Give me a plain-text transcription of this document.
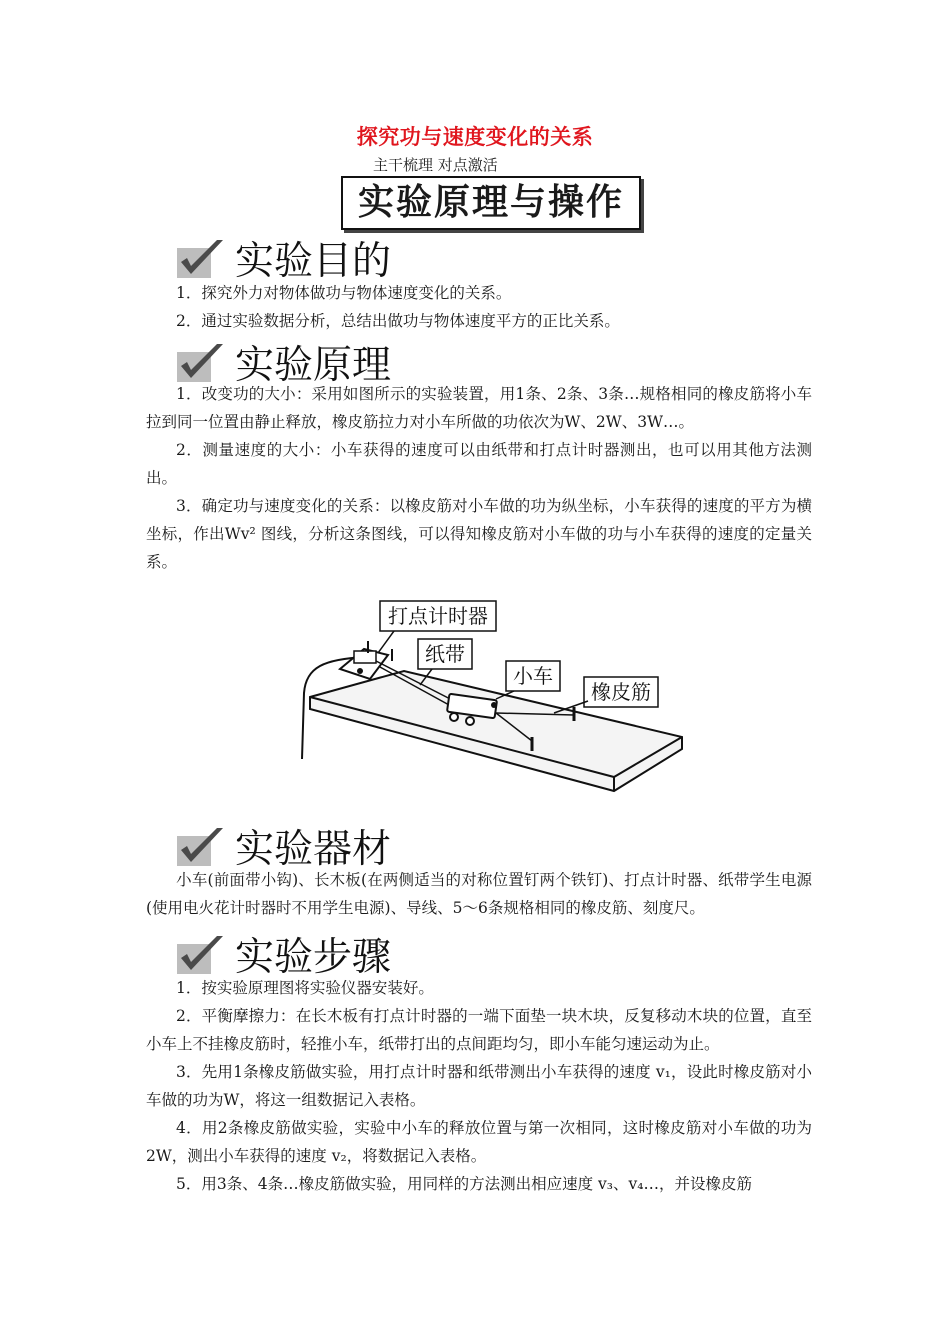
探究功与速度变化的关系
主干梳理 对点激活
实验原理与操作
实验目的
1．探究外力对物体做功与物体速度变化的关系。
2．通过实验数据分析，总结出做功与物体速度平方的正比关系。
实验原理
1．改变功的大小：采用如图所示的实验装置，用1条、2条、3条…规格相同的橡皮筋将小车拉到同一位置由静止释放，橡皮筋拉力对小车所做的功依次为W、2W、3W…。
2．测量速度的大小：小车获得的速度可以由纸带和打点计时器测出，也可以用其他方法测出。
3．确定功与速度变化的关系：以橡皮筋对小车做的功为纵坐标，小车获得的速度的平方为横坐标，作出Wv² 图线，分析这条图线，可以得知橡皮筋对小车做的功与小车获得的速度的定量关系。
打点计时器
纸带
小车
橡皮筋
实验器材
小车(前面带小钩)、长木板(在两侧适当的对称位置钉两个铁钉)、打点计时器、纸带学生电源(使用电火花计时器时不用学生电源)、导线、5～6条规格相同的橡皮筋、刻度尺。
实验步骤
1．按实验原理图将实验仪器安装好。
2．平衡摩擦力：在长木板有打点计时器的一端下面垫一块木块，反复移动木块的位置，直至小车上不挂橡皮筋时，轻推小车，纸带打出的点间距均匀，即小车能匀速运动为止。
3．先用1条橡皮筋做实验，用打点计时器和纸带测出小车获得的速度 v₁，设此时橡皮筋对小车做的功为W，将这一组数据记入表格。
4．用2条橡皮筋做实验，实验中小车的释放位置与第一次相同，这时橡皮筋对小车做的功为2W，测出小车获得的速度 v₂，将数据记入表格。
5．用3条、4条…橡皮筋做实验，用同样的方法测出相应速度 v₃、v₄…，并设橡皮筋
